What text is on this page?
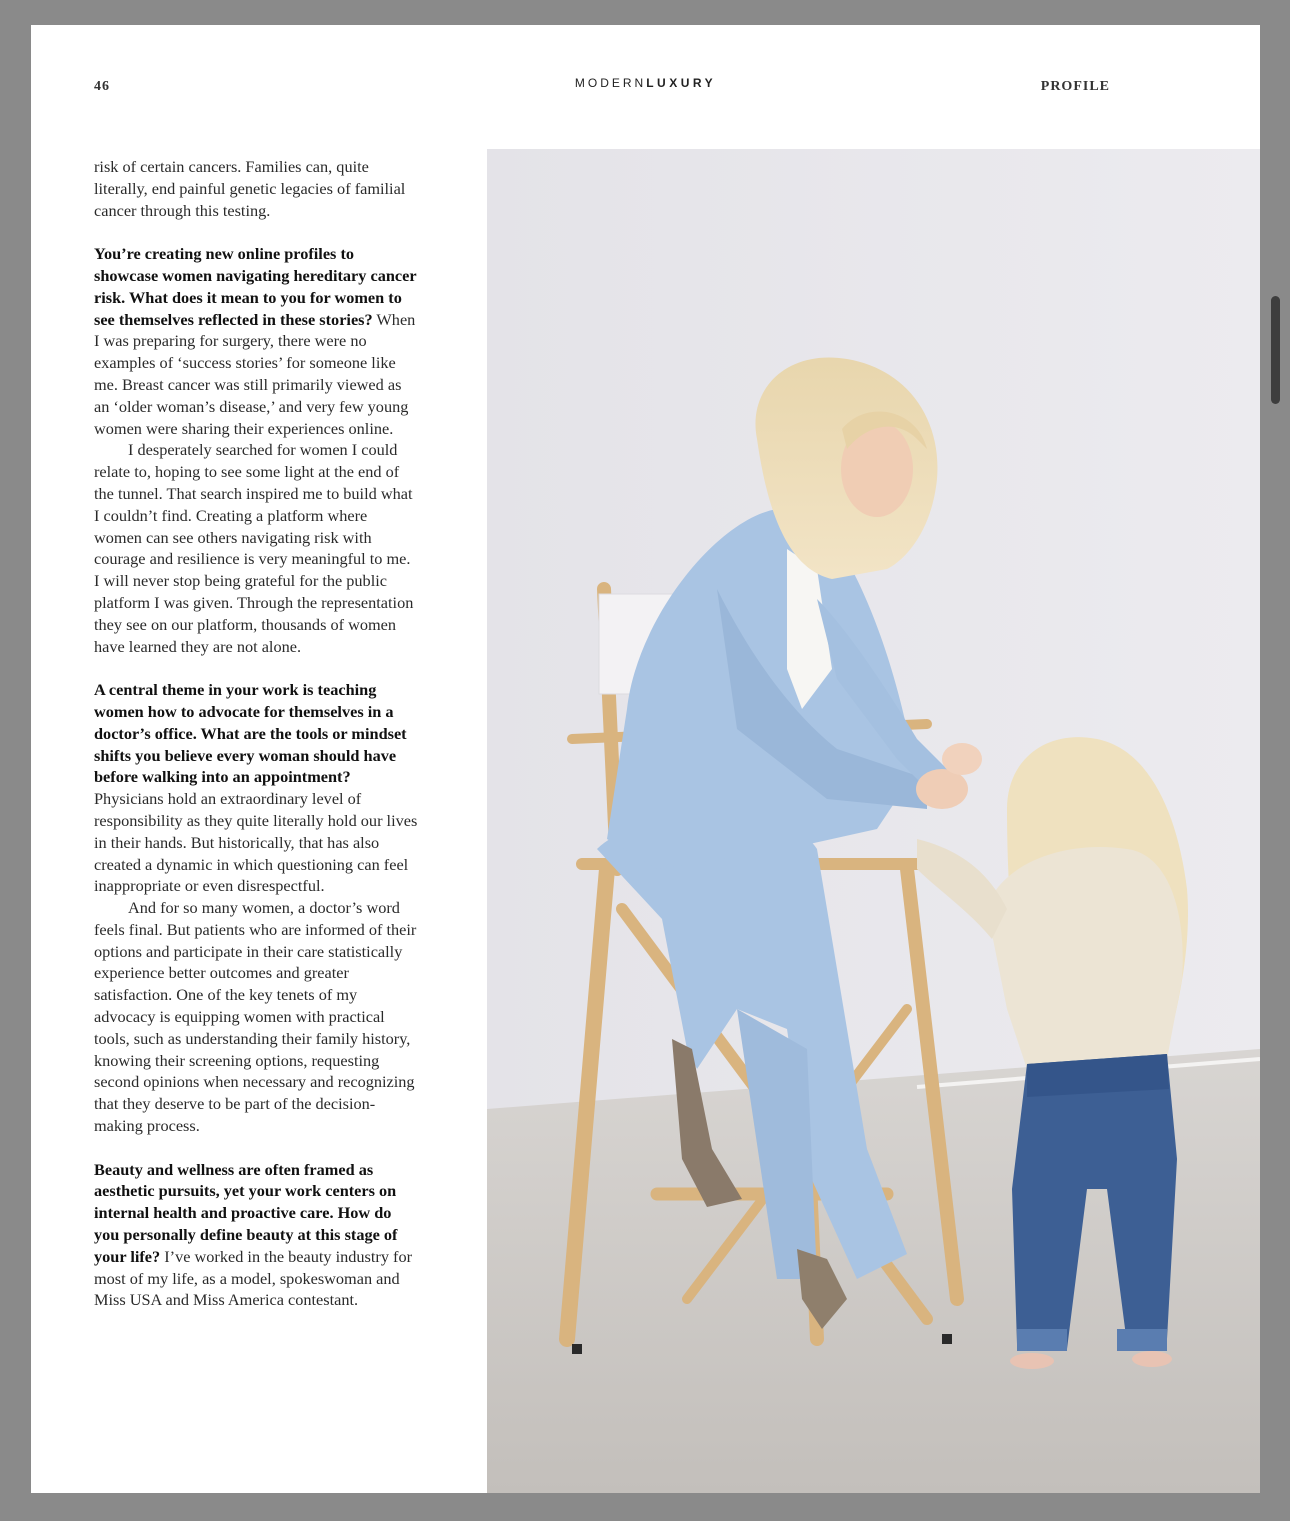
46	MODERNLUXURY	PROFILE

risk of certain cancers. Families can, quite literally, end painful genetic legacies of familial cancer through this testing.

You’re creating new online profiles to showcase women navigating hereditary cancer risk. What does it mean to you for women to see themselves reflected in these stories? When I was preparing for surgery, there were no examples of ‘success stories’ for someone like me. Breast cancer was still primarily viewed as an ‘older woman’s disease,’ and very few young women were sharing their experiences online.

I desperately searched for women I could relate to, hoping to see some light at the end of the tunnel. That search inspired me to build what I couldn’t find. Creating a platform where women can see others navigating risk with courage and resilience is very meaningful to me. I will never stop being grateful for the public platform I was given. Through the representation they see on our platform, thousands of women have learned they are not alone.

A central theme in your work is teaching women how to advocate for themselves in a doctor’s office. What are the tools or mindset shifts you believe every woman should have before walking into an appointment? Physicians hold an extraordinary level of responsibility as they quite literally hold our lives in their hands. But historically, that has also created a dynamic in which questioning can feel inappropriate or even disrespectful.

And for so many women, a doctor’s word feels final. But patients who are informed of their options and participate in their care statistically experience better outcomes and greater satisfaction. One of the key tenets of my advocacy is equipping women with practical tools, such as understanding their family history, knowing their screening options, requesting second opinions when necessary and recognizing that they deserve to be part of the decision-making process.

Beauty and wellness are often framed as aesthetic pursuits, yet your work centers on internal health and proactive care. How do you personally define beauty at this stage of your life? I’ve worked in the beauty industry for most of my life, as a model, spokeswoman and Miss USA and Miss America contestant.
